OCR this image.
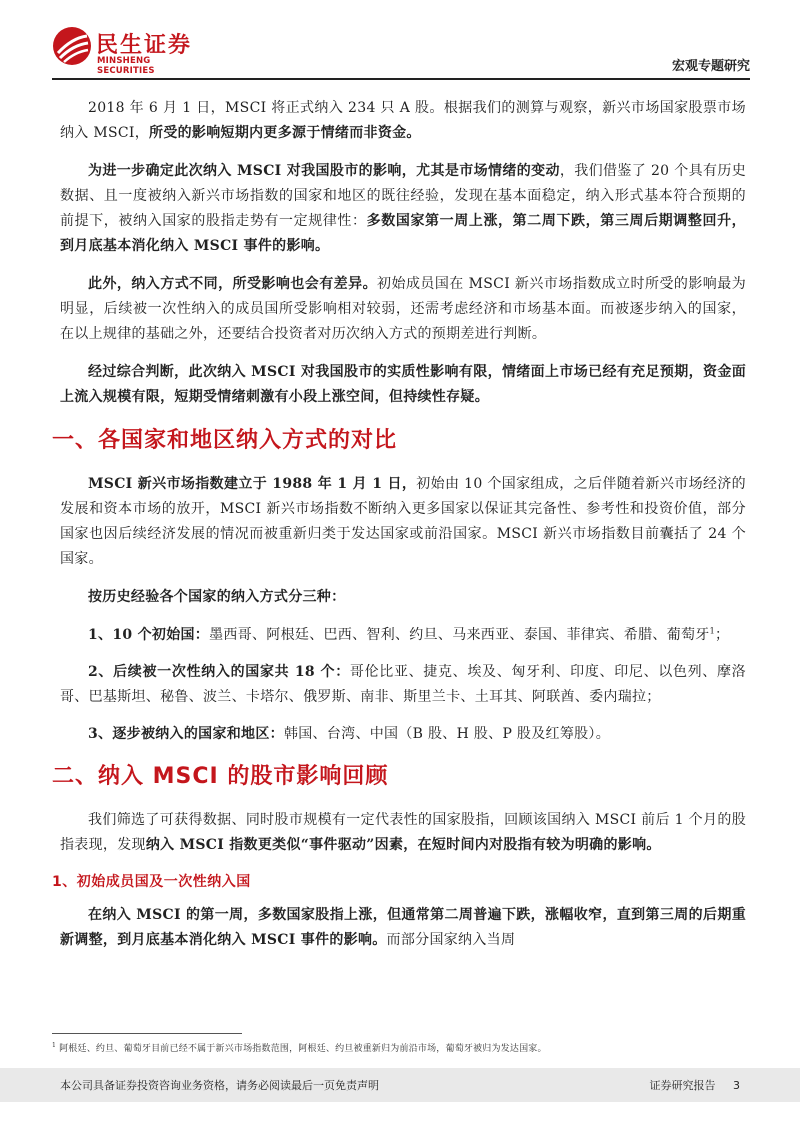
民生证券
MINSHENG SECURITIES	宏观专题研究

2018 年 6 月 1 日，MSCI 将正式纳入 234 只 A 股。根据我们的测算与观察，新兴市场国家股票市场纳入 MSCI，所受的影响短期内更多源于情绪而非资金。

为进一步确定此次纳入 MSCI 对我国股市的影响，尤其是市场情绪的变动，我们借鉴了 20 个具有历史数据、且一度被纳入新兴市场指数的国家和地区的既往经验，发现在基本面稳定，纳入形式基本符合预期的前提下，被纳入国家的股指走势有一定规律性：多数国家第一周上涨，第二周下跌，第三周后期调整回升，到月底基本消化纳入 MSCI 事件的影响。

此外，纳入方式不同，所受影响也会有差异。初始成员国在 MSCI 新兴市场指数成立时所受的影响最为明显，后续被一次性纳入的成员国所受影响相对较弱，还需考虑经济和市场基本面。而被逐步纳入的国家，在以上规律的基础之外，还要结合投资者对历次纳入方式的预期差进行判断。

经过综合判断，此次纳入 MSCI 对我国股市的实质性影响有限，情绪面上市场已经有充足预期，资金面上流入规模有限，短期受情绪刺激有小段上涨空间，但持续性存疑。

一、各国家和地区纳入方式的对比

MSCI 新兴市场指数建立于 1988 年 1 月 1 日，初始由 10 个国家组成，之后伴随着新兴市场经济的发展和资本市场的放开，MSCI 新兴市场指数不断纳入更多国家以保证其完备性、参考性和投资价值，部分国家也因后续经济发展的情况而被重新归类于发达国家或前沿国家。MSCI 新兴市场指数目前囊括了 24 个国家。

按历史经验各个国家的纳入方式分三种：

1、10 个初始国：墨西哥、阿根廷、巴西、智利、约旦、马来西亚、泰国、菲律宾、希腊、葡萄牙$^1$；

2、后续被一次性纳入的国家共 18 个：哥伦比亚、捷克、埃及、匈牙利、印度、印尼、以色列、摩洛哥、巴基斯坦、秘鲁、波兰、卡塔尔、俄罗斯、南非、斯里兰卡、土耳其、阿联酋、委内瑞拉；

3、逐步被纳入的国家和地区：韩国、台湾、中国（B 股、H 股、P 股及红筹股）。

二、纳入 MSCI 的股市影响回顾

我们筛选了可获得数据、同时股市规模有一定代表性的国家股指，回顾该国纳入 MSCI 前后 1 个月的股指表现，发现纳入 MSCI 指数更类似“事件驱动”因素，在短时间内对股指有较为明确的影响。

1、初始成员国及一次性纳入国

在纳入 MSCI 的第一周，多数国家股指上涨，但通常第二周普遍下跌，涨幅收窄，直到第三周的后期重新调整，到月底基本消化纳入 MSCI 事件的影响。而部分国家纳入当周

$^1$ 阿根廷、约旦、葡萄牙目前已经不属于新兴市场指数范围，阿根廷、约旦被重新归为前沿市场，葡萄牙被归为发达国家。
本公司具备证券投资咨询业务资格，请务必阅读最后一页免责声明	证券研究报告 3
